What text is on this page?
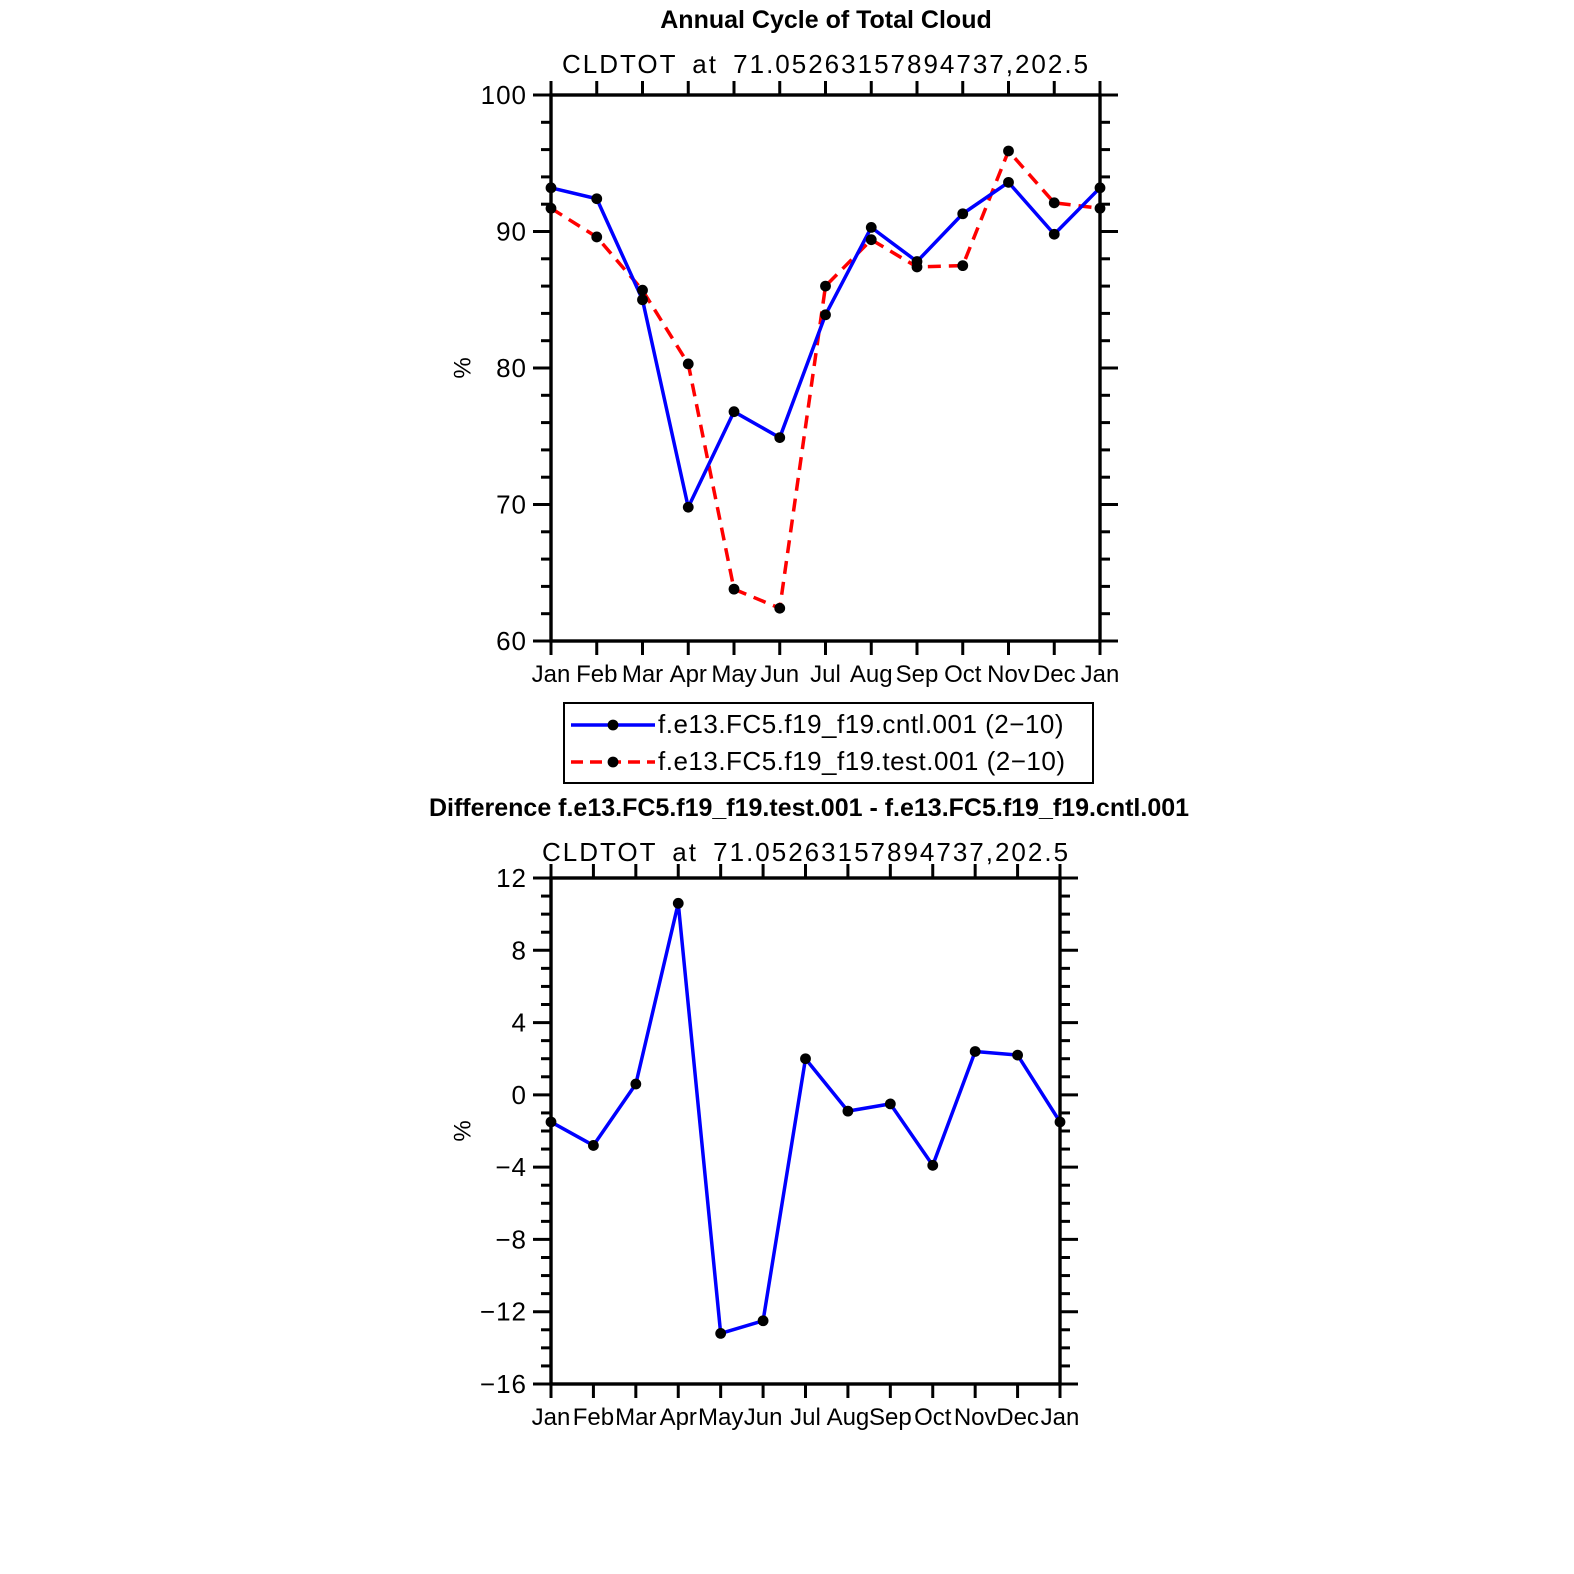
Annual Cycle of Total Cloud
CLDTOT at 71.05263157894737,202.5
Jan Feb Mar Apr May Jun Jul Aug Sep Oct Nov Dec Jan
60
70
80
90
100
%
Jan Feb Mar Apr May Jun Jul Aug Sep Oct Nov Dec Jan
−16
−12
−8
−4
0
4
8
12
%
f.e13.FC5.f19_f19.cntl.001 (2−10)
f.e13.FC5.f19_f19.test.001 (2−10)
Difference f.e13.FC5.f19_f19.test.001 - f.e13.FC5.f19_f19.cntl.001
CLDTOT at 71.05263157894737,202.5
